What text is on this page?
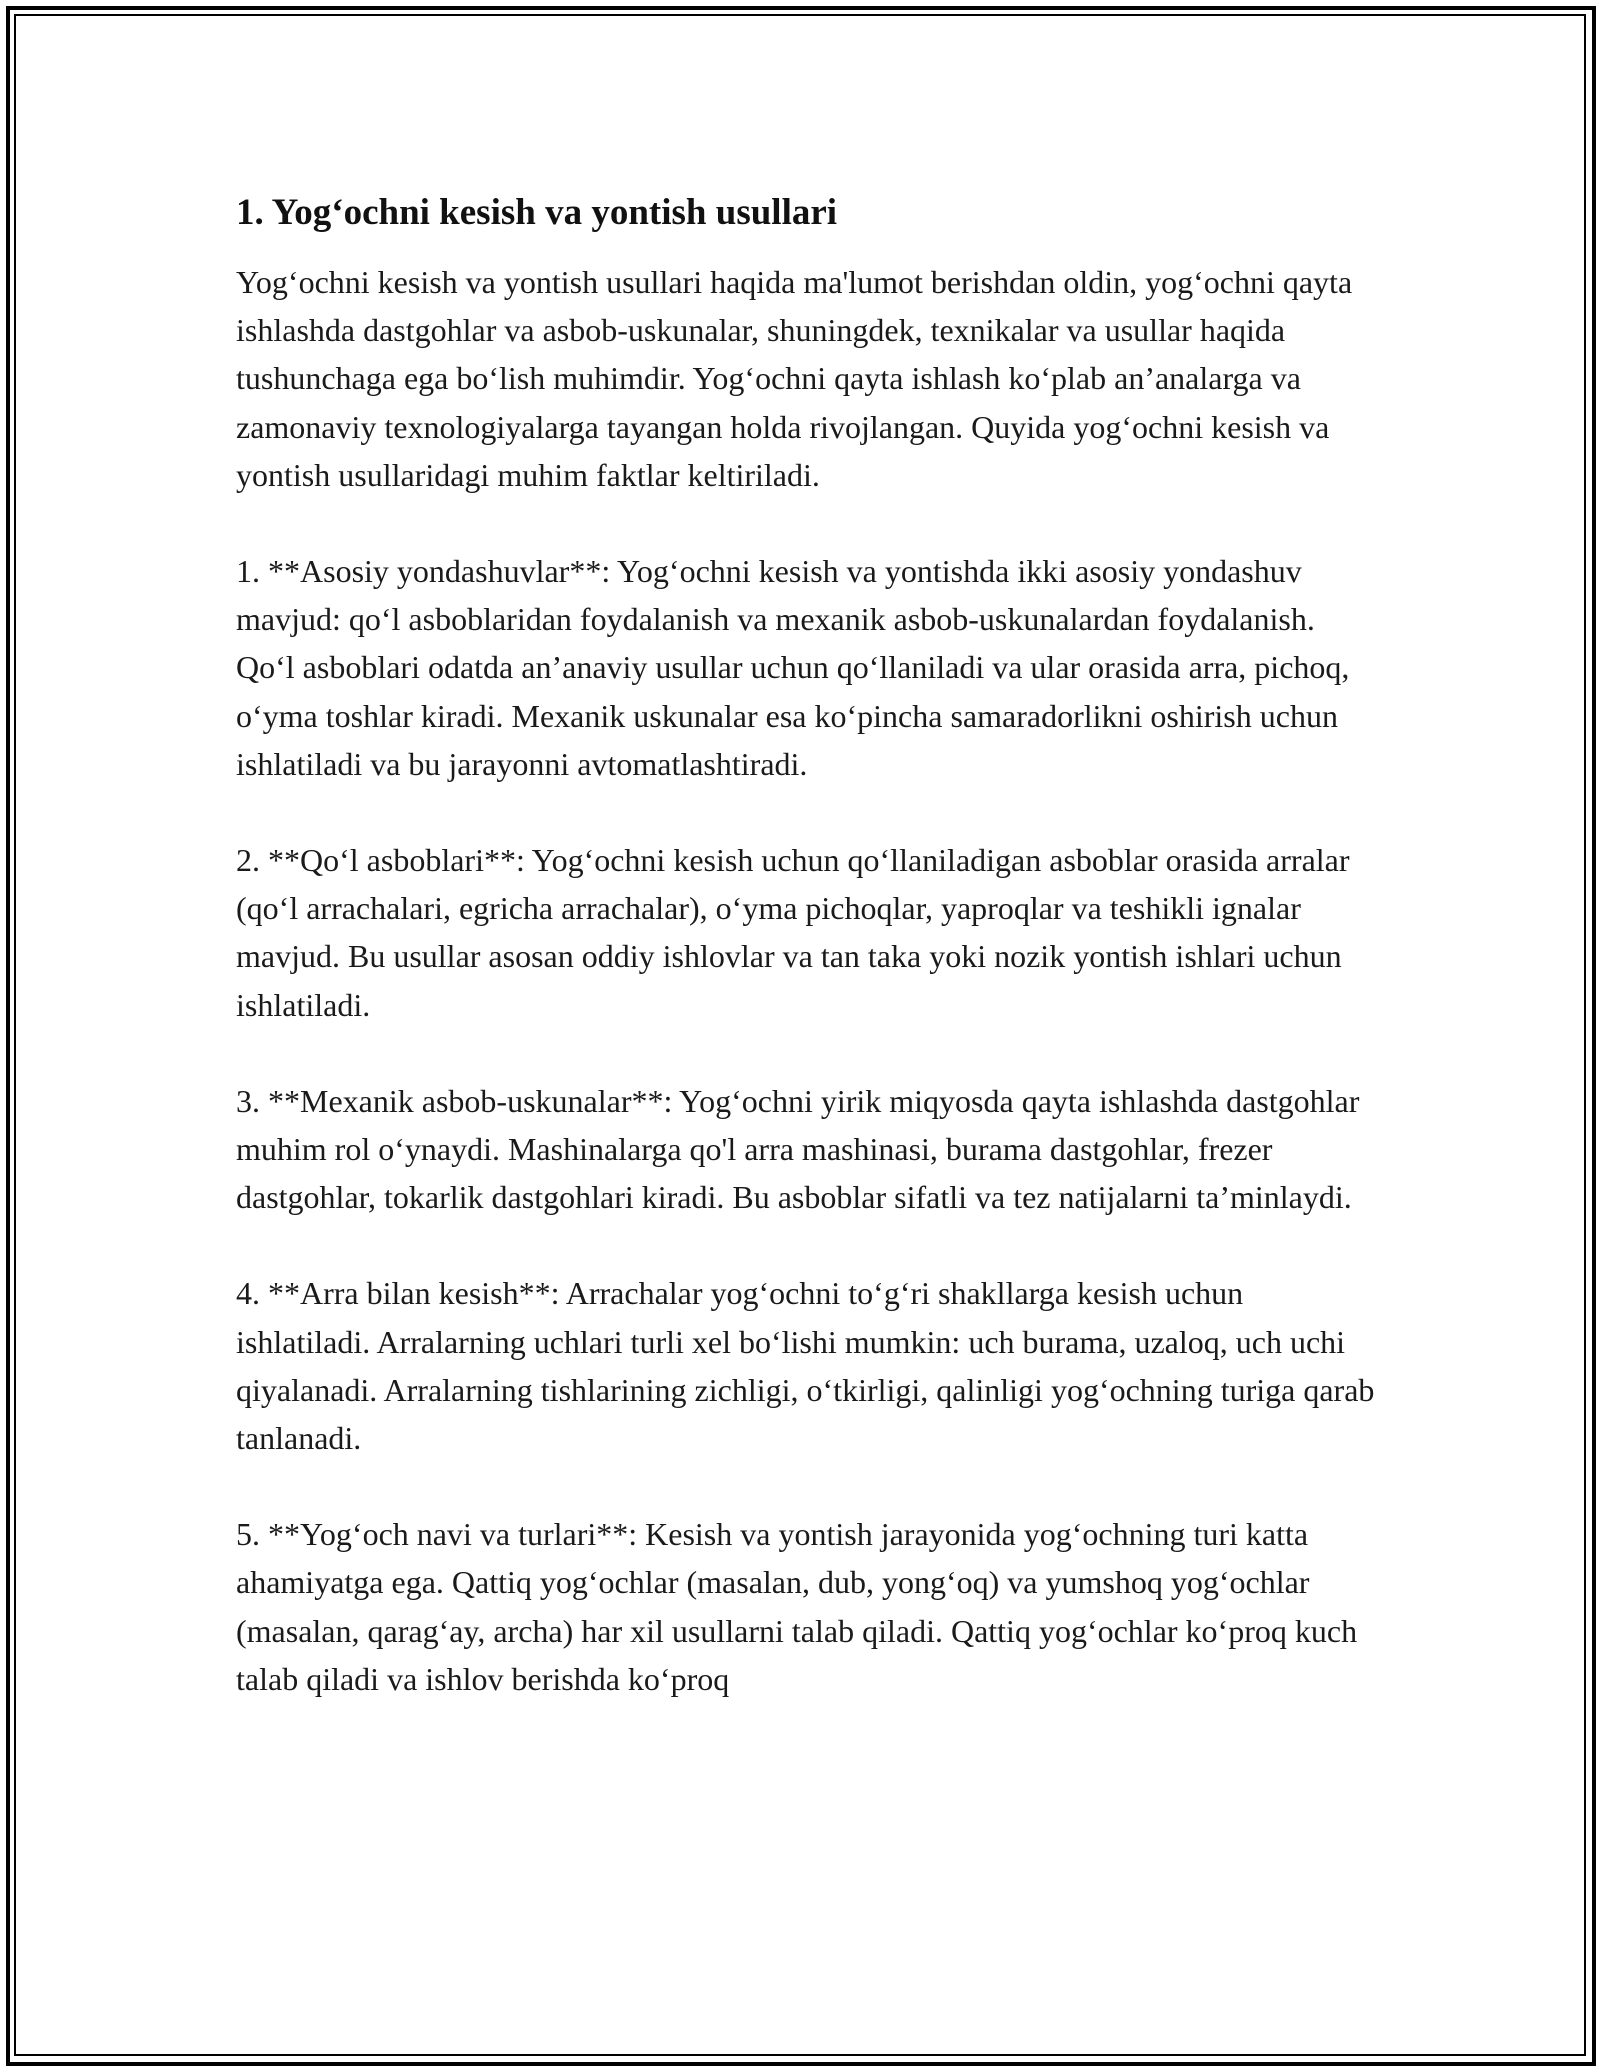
1. Yog‘ochni kesish va yontish usullari

Yog‘ochni kesish va yontish usullari haqida ma'lumot berishdan oldin, yog‘ochni qayta ishlashda dastgohlar va asbob-uskunalar, shuningdek, texnikalar va usullar haqida tushunchaga ega bo‘lish muhimdir. Yog‘ochni qayta ishlash ko‘plab an’analarga va zamonaviy texnologiyalarga tayangan holda rivojlangan. Quyida yog‘ochni kesish va yontish usullaridagi muhim faktlar keltiriladi.

1. **Asosiy yondashuvlar**: Yog‘ochni kesish va yontishda ikki asosiy yondashuv mavjud: qo‘l asboblaridan foydalanish va mexanik asbob-uskunalardan foydalanish. Qo‘l asboblari odatda an’anaviy usullar uchun qo‘llaniladi va ular orasida arra, pichoq, o‘yma toshlar kiradi. Mexanik uskunalar esa ko‘pincha samaradorlikni oshirish uchun ishlatiladi va bu jarayonni avtomatlashtiradi.

2. **Qo‘l asboblari**: Yog‘ochni kesish uchun qo‘llaniladigan asboblar orasida arralar (qo‘l arrachalari, egricha arrachalar), o‘yma pichoqlar, yaproqlar va teshikli ignalar mavjud. Bu usullar asosan oddiy ishlovlar va tan taka yoki nozik yontish ishlari uchun ishlatiladi.

3. **Mexanik asbob-uskunalar**: Yog‘ochni yirik miqyosda qayta ishlashda dastgohlar muhim rol o‘ynaydi. Mashinalarga qo'l arra mashinasi, burama dastgohlar, frezer dastgohlar, tokarlik dastgohlari kiradi. Bu asboblar sifatli va tez natijalarni ta’minlaydi.

4. **Arra bilan kesish**: Arrachalar yog‘ochni to‘g‘ri shakllarga kesish uchun ishlatiladi. Arralarning uchlari turli xel bo‘lishi mumkin: uch burama, uzaloq, uch uchi qiyalanadi. Arralarning tishlarining zichligi, o‘tkirligi, qalinligi yog‘ochning turiga qarab tanlanadi.

5. **Yog‘och navi va turlari**: Kesish va yontish jarayonida yog‘ochning turi katta ahamiyatga ega. Qattiq yog‘ochlar (masalan, dub, yong‘oq) va yumshoq yog‘ochlar (masalan, qarag‘ay, archa) har xil usullarni talab qiladi. Qattiq yog‘ochlar ko‘proq kuch talab qiladi va ishlov berishda ko‘proq
